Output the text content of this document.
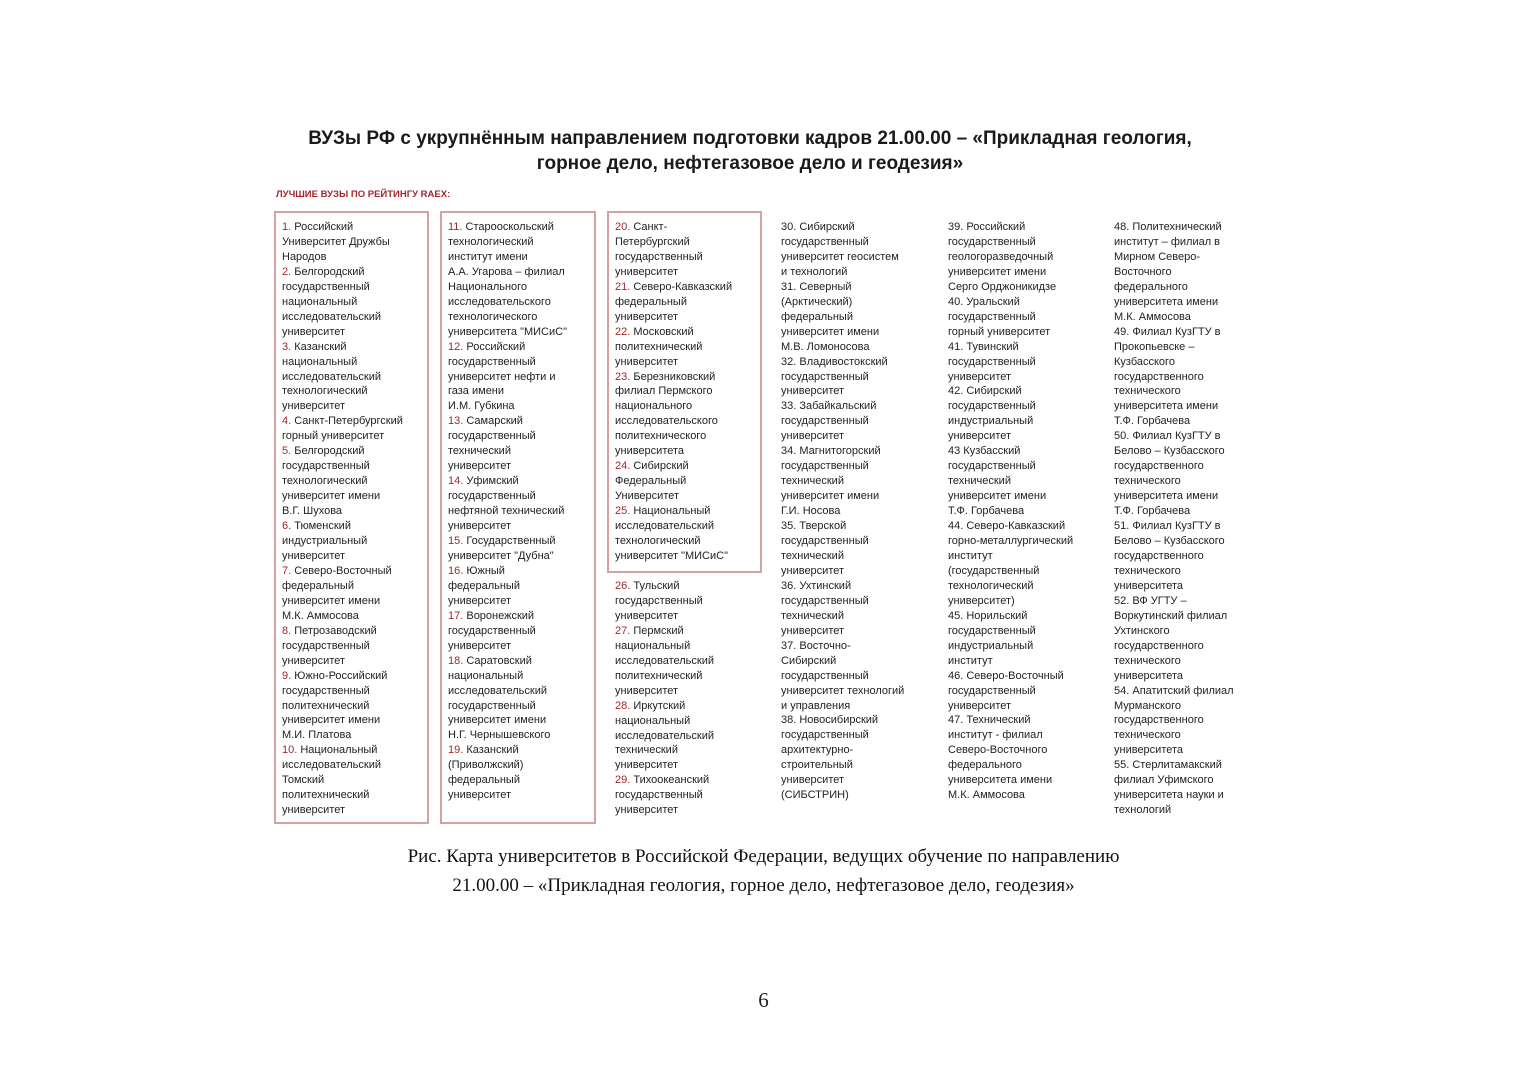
ВУЗы РФ с укрупнённым направлением подготовки кадров 21.00.00 – «Прикладная геология,
горное дело, нефтегазовое дело и геодезия»
ЛУЧШИЕ ВУЗЫ ПО РЕЙТИНГУ RAEX:
1. Российский
Университет Дружбы
Народов
2. Белгородский
государственный
национальный
исследовательский
университет
3. Казанский
национальный
исследовательский
технологический
университет
4. Санкт-Петербургский
горный университет
5. Белгородский
государственный
технологический
университет имени
В.Г. Шухова
6. Тюменский
индустриальный
университет
7. Северо-Восточный
федеральный
университет имени
М.К. Аммосова
8. Петрозаводский
государственный
университет
9. Южно-Российский
государственный
политехнический
университет имени
М.И. Платова
10. Национальный
исследовательский
Томский
политехнический
университет
11. Старооскольский
технологический
институт имени
А.А. Угарова – филиал
Национального
исследовательского
технологического
университета "МИСиС"
12. Российский
государственный
университет нефти и
газа имени
И.М. Губкина
13. Самарский
государственный
технический
университет
14. Уфимский
государственный
нефтяной технический
университет
15. Государственный
университет "Дубна"
16. Южный
федеральный
университет
17. Воронежский
государственный
университет
18. Саратовский
национальный
исследовательский
государственный
университет имени
Н.Г. Чернышевского
19. Казанский
(Приволжский)
федеральный
университет
20. Санкт-
Петербургский
государственный
университет
21. Северо-Кавказский
федеральный
университет
22. Московский
политехнический
университет
23. Березниковский
филиал Пермского
национального
исследовательского
политехнического
университета
24. Сибирский
Федеральный
Университет
25. Национальный
исследовательский
технологический
университет "МИСиС"
26. Тульский
государственный
университет
27. Пермский
национальный
исследовательский
политехнический
университет
28. Иркутский
национальный
исследовательский
технический
университет
29. Тихоокеанский
государственный
университет
30. Сибирский
государственный
университет геосистем
и технологий
31. Северный
(Арктический)
федеральный
университет имени
М.В. Ломоносова
32. Владивостокский
государственный
университет
33. Забайкальский
государственный
университет
34. Магнитогорский
государственный
технический
университет имени
Г.И. Носова
35. Тверской
государственный
технический
университет
36. Ухтинский
государственный
технический
университет
37. Восточно-
Сибирский
государственный
университет технологий
и управления
38. Новосибирский
государственный
архитектурно-
строительный
университет
(СИБСТРИН)
39. Российский
государственный
геологоразведочный
университет имени
Серго Орджоникидзе
40. Уральский
государственный
горный университет
41. Тувинский
государственный
университет
42. Сибирский
государственный
индустриальный
университет
43 Кузбасский
государственный
технический
университет имени
Т.Ф. Горбачева
44. Северо-Кавказский
горно-металлургический
институт
(государственный
технологический
университет)
45. Норильский
государственный
индустриальный
институт
46. Северо-Восточный
государственный
университет
47. Технический
институт - филиал
Северо-Восточного
федерального
университета имени
М.К. Аммосова
48. Политехнический
институт – филиал в
Мирном Северо-
Восточного
федерального
университета имени
М.К. Аммосова
49. Филиал КузГТУ в
Прокопьевске –
Кузбасского
государственного
технического
университета имени
Т.Ф. Горбачева
50. Филиал КузГТУ в
Белово – Кузбасского
государственного
технического
университета имени
Т.Ф. Горбачева
51. Филиал КузГТУ в
Белово – Кузбасского
государственного
технического
университета
52. ВФ УГТУ –
Воркутинский филиал
Ухтинского
государственного
технического
университета
54. Апатитский филиал
Мурманского
государственного
технического
университета
55. Стерлитамакский
филиал Уфимского
университета науки и
технологий
Рис. Карта университетов в Российской Федерации, ведущих обучение по направлению
21.00.00 – «Прикладная геология, горное дело, нефтегазовое дело, геодезия»
6
